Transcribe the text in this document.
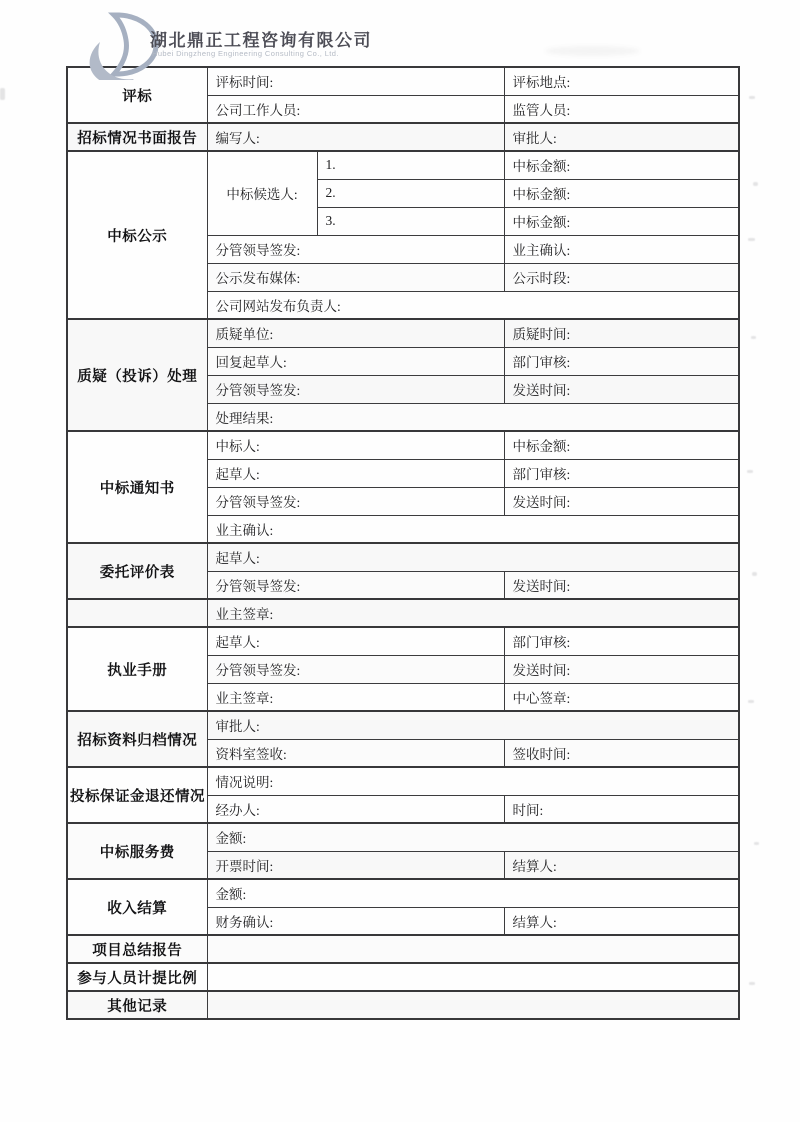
湖北鼎正工程咨询有限公司
Hubei Dingzheng Engineering Consulting Co., Ltd.
评标	评标时间:		评标地点:
	公司工作人员:		监管人员:
招标情况书面报告	编写人:		审批人:
中标公示	中标候选人:	1.	中标金额:
		2.	中标金额:
		3.	中标金额:
	分管领导签发:		业主确认:
	公示发布媒体:		公示时段:
	公司网站发布负责人:		
质疑（投诉）处理	质疑单位:		质疑时间:
	回复起草人:		部门审核:
	分管领导签发:		发送时间:
	处理结果:		
中标通知书	中标人:		中标金额:
	起草人:		部门审核:
	分管领导签发:		发送时间:
	业主确认:		
委托评价表	起草人:		
	分管领导签发:		发送时间:
	业主签章:		
执业手册	起草人:		部门审核:
	分管领导签发:		发送时间:
	业主签章:		中心签章:
招标资料归档情况	审批人:		
	资料室签收:		签收时间:
投标保证金退还情况	情况说明:		
	经办人:		时间:
中标服务费	金额:		
	开票时间:		结算人:
收入结算	金额:		
	财务确认:		结算人:
项目总结报告			
参与人员计提比例			
其他记录			
